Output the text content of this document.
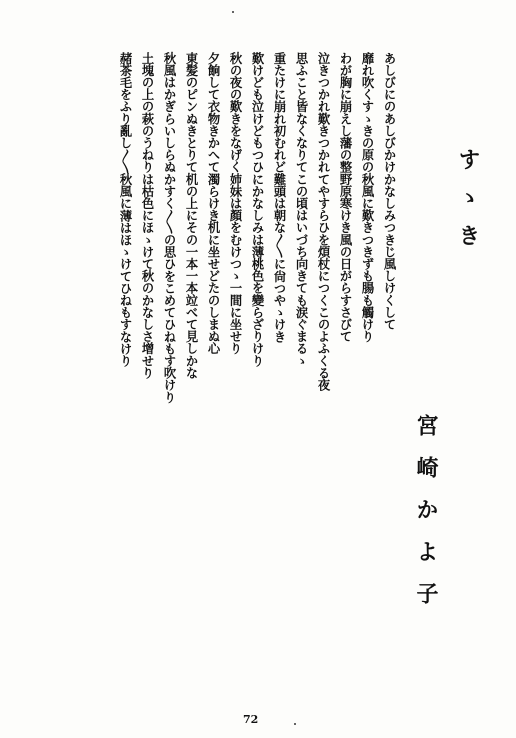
すゝき
宮崎かよ子
あしびにのあしびかけかなしみつきじ風しけくして
靡れ吹くすゝきの原の秋風に歎きつきずも腸も觸けり
わが胸に崩えし藩の整野原寒けき風の日がらすさびて
泣きつかれ歎きつかれてやすらひを煩杖につくこのよふくる夜
思ふこと皆なくなりてこの頃はいづち向きても涙ぐまるゝ
重たけに崩れ初むれど難頭は朝な〳〵に尙つやゝけき
歎けども泣けどもつひにかなしみは薄桃色を變らざりけり
秋の夜の歎きをなげく姉妹は顏をむけつゝ一間に坐せり
夕餉して衣物きかへて濁らけき机に坐せどたのしまぬ心
東髪のピンぬきとりて机の上にその一本一本竝べて見しかな
秋風はかぎらいしらぬかすく〳〵の思ひをこめてひねもす吹けり
土塊の上の萩のうねりは枯色にほゝけて秋のかなしさ增せり
赭茶毛をふり亂し〳〵秋風に薄はほゝけてひねもすなけり
72
